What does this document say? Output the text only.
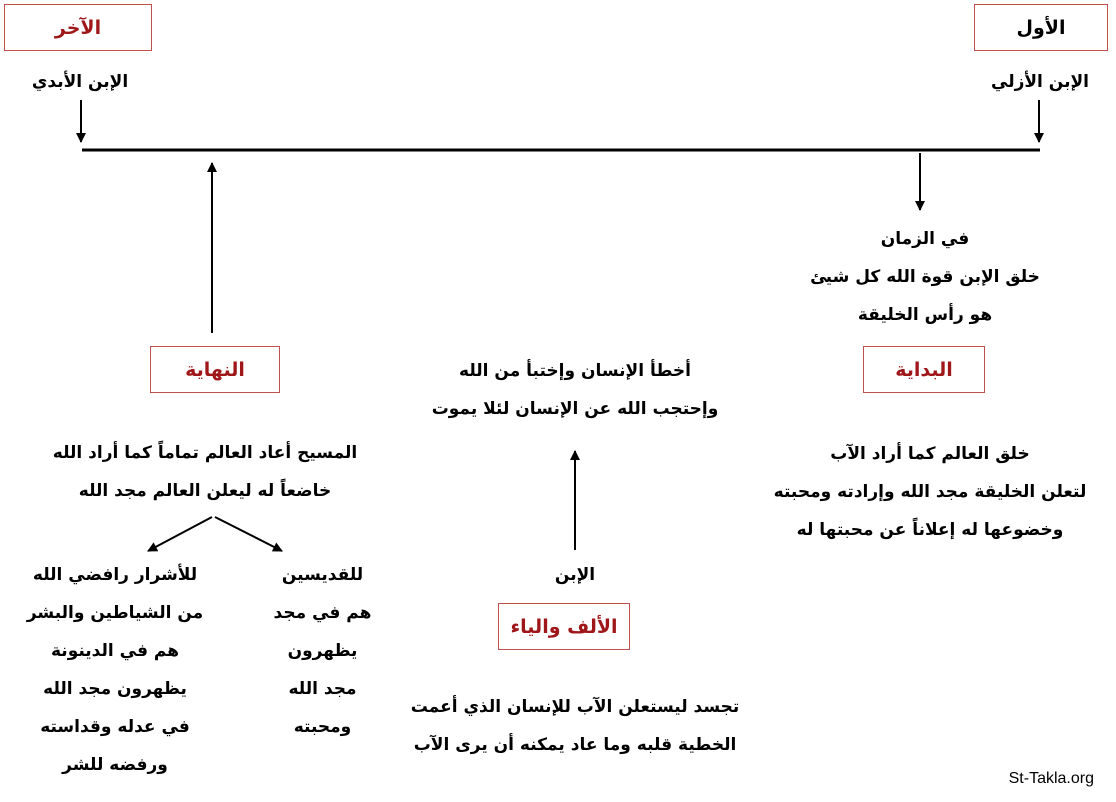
الآخر	الأول
النهاية	البداية
الألف والياء
الإبن الأبدي	الإبن الأزلي
الإبن
في الزمان
خلق الإبن قوة الله كل شيئ
هو رأس الخليقة
خلق العالم كما أراد الآب
لتعلن الخليقة مجد الله وإرادته ومحبته
وخضوعها له إعلاناً عن محبتها له
أخطأ الإنسان وإختبأ من الله
وإحتجب الله عن الإنسان لئلا يموت
تجسد ليستعلن الآب للإنسان الذي أعمت
الخطية قلبه وما عاد يمكنه أن يرى الآب
المسيح أعاد العالم تماماً كما أراد الله
خاضعاً له ليعلن العالم مجد الله
للقديسين
هم في مجد
يظهرون
مجد الله
ومحبته
للأشرار رافضي الله
من الشياطين والبشر
هم في الدينونة
يظهرون مجد الله
في عدله وقداسته
ورفضه للشر
St-Takla.org
